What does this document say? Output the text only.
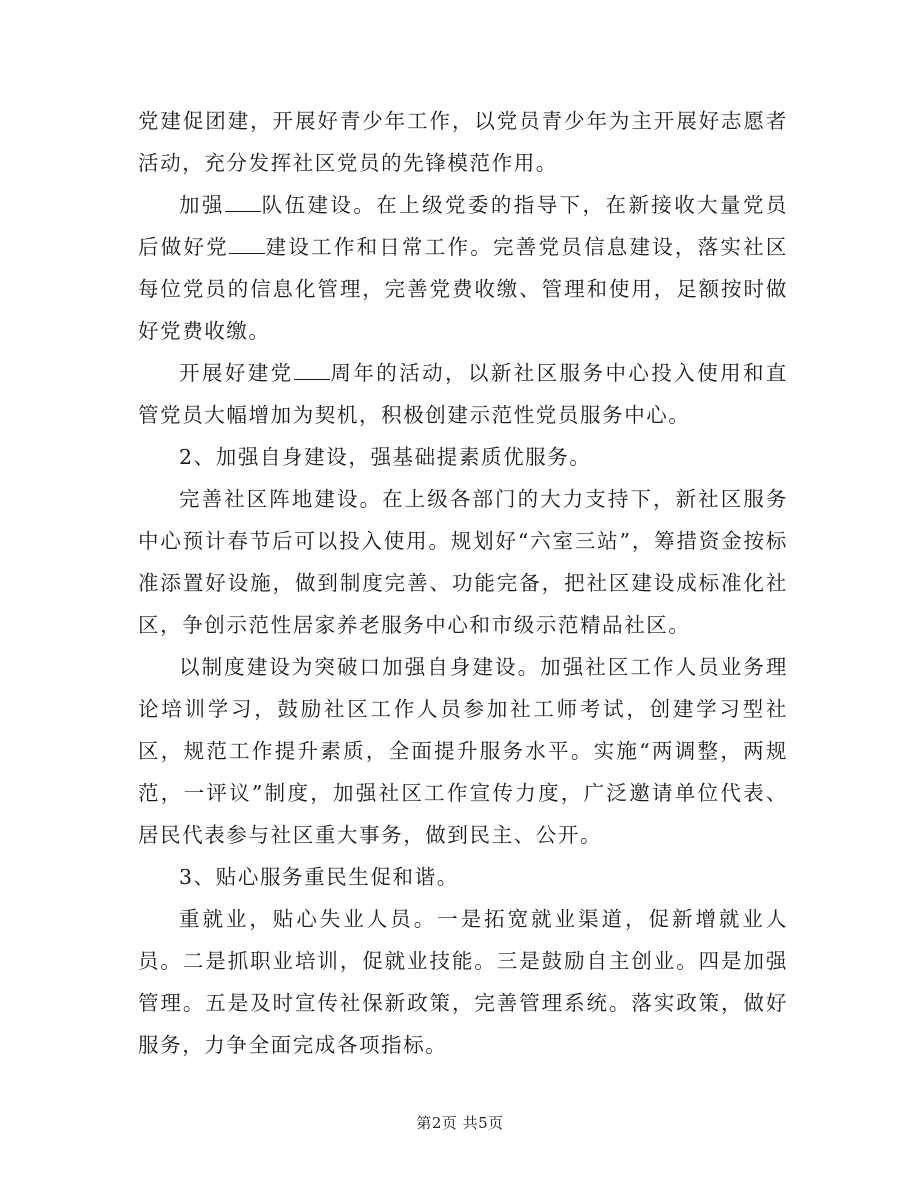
党建促团建，开展好青少年工作，以党员青少年为主开展好志愿者活动，充分发挥社区党员的先锋模范作用。

加强 队伍建设。在上级党委的指导下，在新接收大量党员后做好党 建设工作和日常工作。完善党员信息建设，落实社区每位党员的信息化管理，完善党费收缴、管理和使用，足额按时做好党费收缴。

开展好建党 周年的活动，以新社区服务中心投入使用和直管党员大幅增加为契机，积极创建示范性党员服务中心。

2、加强自身建设，强基础提素质优服务。

完善社区阵地建设。在上级各部门的大力支持下，新社区服务中心预计春节后可以投入使用。规划好“六室三站”，筹措资金按标准添置好设施，做到制度完善、功能完备，把社区建设成标准化社区，争创示范性居家养老服务中心和市级示范精品社区。

以制度建设为突破口加强自身建设。加强社区工作人员业务理论培训学习，鼓励社区工作人员参加社工师考试，创建学习型社区，规范工作提升素质，全面提升服务水平。实施“两调整，两规范，一评议”制度，加强社区工作宣传力度，广泛邀请单位代表、居民代表参与社区重大事务，做到民主、公开。

3、贴心服务重民生促和谐。

重就业，贴心失业人员。一是拓宽就业渠道，促新增就业人员。二是抓职业培训，促就业技能。三是鼓励自主创业。四是加强管理。五是及时宣传社保新政策，完善管理系统。落实政策，做好服务，力争全面完成各项指标。

第2页 共5页
